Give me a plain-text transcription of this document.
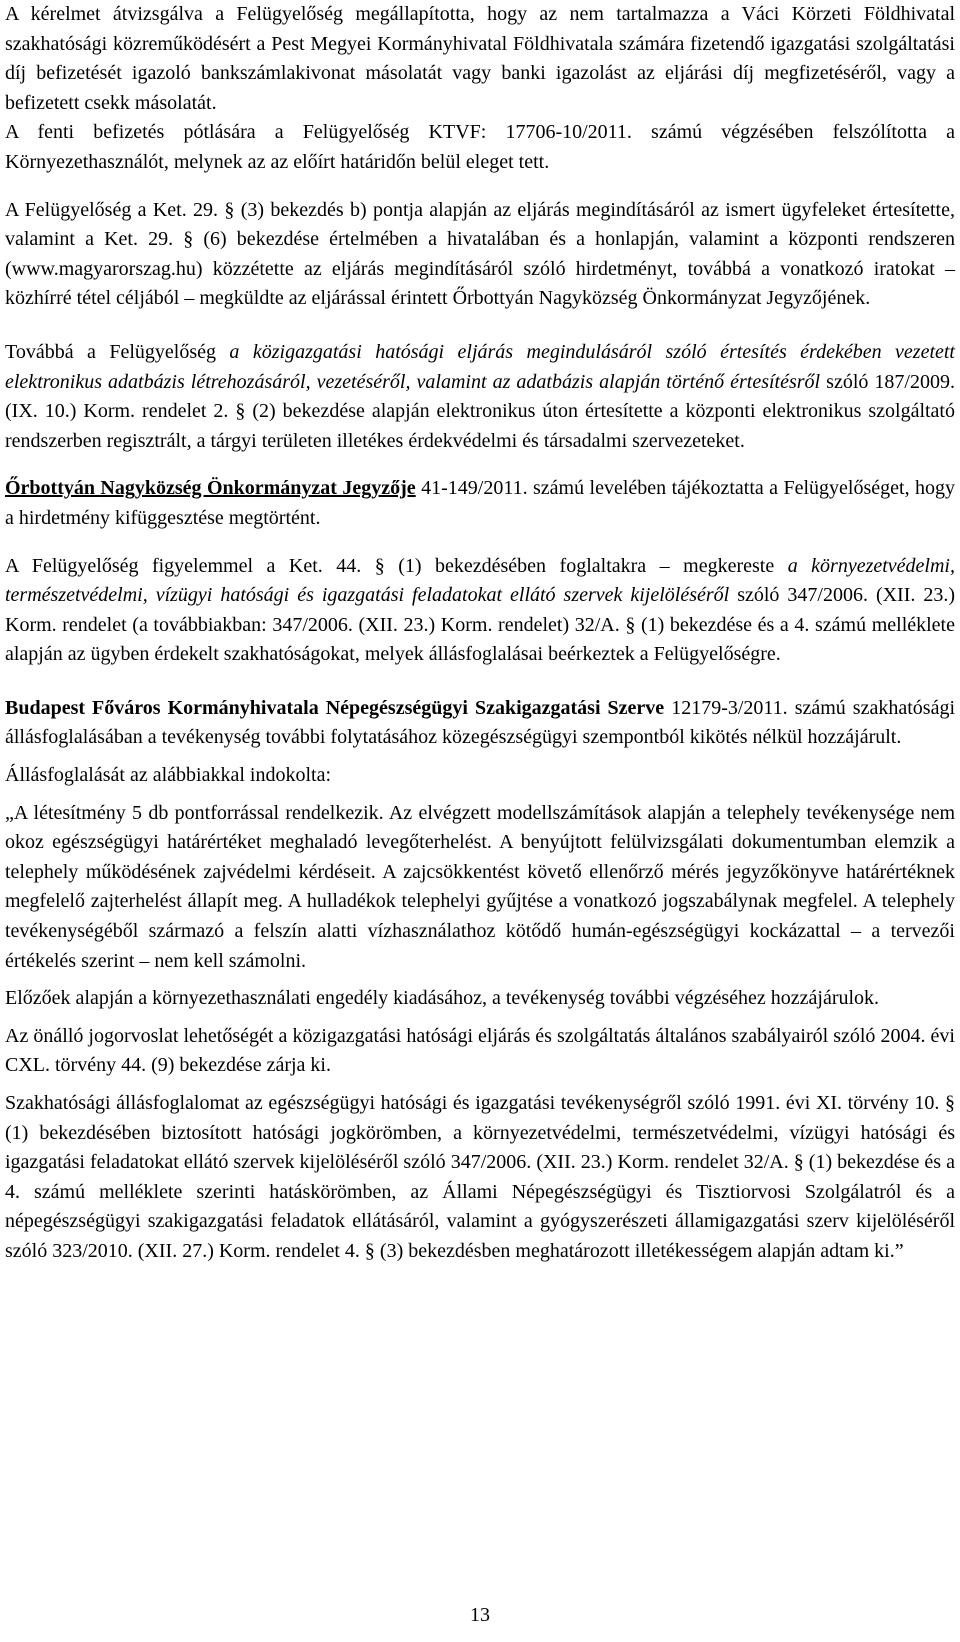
A kérelmet átvizsgálva a Felügyelőség megállapította, hogy az nem tartalmazza a Váci Körzeti Földhivatal szakhatósági közreműködésért a Pest Megyei Kormányhivatal Földhivatala számára fizetendő igazgatási szolgáltatási díj befizetését igazoló bankszámlakivonat másolatát vagy banki igazolást az eljárási díj megfizetéséről, vagy a befizetett csekk másolatát.

A fenti befizetés pótlására a Felügyelőség KTVF: 17706-10/2011. számú végzésében felszólította a Környezethasználót, melynek az az előírt határidőn belül eleget tett.

A Felügyelőség a Ket. 29. § (3) bekezdés b) pontja alapján az eljárás megindításáról az ismert ügyfeleket értesítette, valamint a Ket. 29. § (6) bekezdése értelmében a hivatalában és a honlapján, valamint a központi rendszeren (www.magyarorszag.hu) közzétette az eljárás megindításáról szóló hirdetményt, továbbá a vonatkozó iratokat – közhírré tétel céljából – megküldte az eljárással érintett Őrbottyán Nagyközség Önkormányzat Jegyzőjének.

Továbbá a Felügyelőség a közigazgatási hatósági eljárás megindulásáról szóló értesítés érdekében vezetett elektronikus adatbázis létrehozásáról, vezetéséről, valamint az adatbázis alapján történő értesítésről szóló 187/2009. (IX. 10.) Korm. rendelet 2. § (2) bekezdése alapján elektronikus úton értesítette a központi elektronikus szolgáltató rendszerben regisztrált, a tárgyi területen illetékes érdekvédelmi és társadalmi szervezeteket.

Őrbottyán Nagyközség Önkormányzat Jegyzője 41-149/2011. számú levelében tájékoztatta a Felügyelőséget, hogy a hirdetmény kifüggesztése megtörtént.

A Felügyelőség figyelemmel a Ket. 44. § (1) bekezdésében foglaltakra – megkereste a környezetvédelmi, természetvédelmi, vízügyi hatósági és igazgatási feladatokat ellátó szervek kijelöléséről szóló 347/2006. (XII. 23.) Korm. rendelet (a továbbiakban: 347/2006. (XII. 23.) Korm. rendelet) 32/A. § (1) bekezdése és a 4. számú melléklete alapján az ügyben érdekelt szakhatóságokat, melyek állásfoglalásai beérkeztek a Felügyelőségre.

Budapest Főváros Kormányhivatala Népegészségügyi Szakigazgatási Szerve 12179-3/2011. számú szakhatósági állásfoglalásában a tevékenység további folytatásához közegészségügyi szempontból kikötés nélkül hozzájárult.

Állásfoglalását az alábbiakkal indokolta:

„A létesítmény 5 db pontforrással rendelkezik. Az elvégzett modellszámítások alapján a telephely tevékenysége nem okoz egészségügyi határértéket meghaladó levegőterhelést. A benyújtott felülvizsgálati dokumentumban elemzik a telephely működésének zajvédelmi kérdéseit. A zajcsökkentést követő ellenőrző mérés jegyzőkönyve határértéknek megfelelő zajterhelést állapít meg. A hulladékok telephelyi gyűjtése a vonatkozó jogszabálynak megfelel. A telephely tevékenységéből származó a felszín alatti vízhasználathoz kötődő humán-egészségügyi kockázattal – a tervezői értékelés szerint – nem kell számolni.

Előzőek alapján a környezethasználati engedély kiadásához, a tevékenység további végzéséhez hozzájárulok.

Az önálló jogorvoslat lehetőségét a közigazgatási hatósági eljárás és szolgáltatás általános szabályairól szóló 2004. évi CXL. törvény 44. (9) bekezdése zárja ki.

Szakhatósági állásfoglalomat az egészségügyi hatósági és igazgatási tevékenységről szóló 1991. évi XI. törvény 10. § (1) bekezdésében biztosított hatósági jogkörömben, a környezetvédelmi, természetvédelmi, vízügyi hatósági és igazgatási feladatokat ellátó szervek kijelöléséről szóló 347/2006. (XII. 23.) Korm. rendelet 32/A. § (1) bekezdése és a 4. számú melléklete szerinti hatáskörömben, az Állami Népegészségügyi és Tisztiorvosi Szolgálatról és a népegészségügyi szakigazgatási feladatok ellátásáról, valamint a gyógyszerészeti államigazgatási szerv kijelöléséről szóló 323/2010. (XII. 27.) Korm. rendelet 4. § (3) bekezdésben meghatározott illetékességem alapján adtam ki.”

13
